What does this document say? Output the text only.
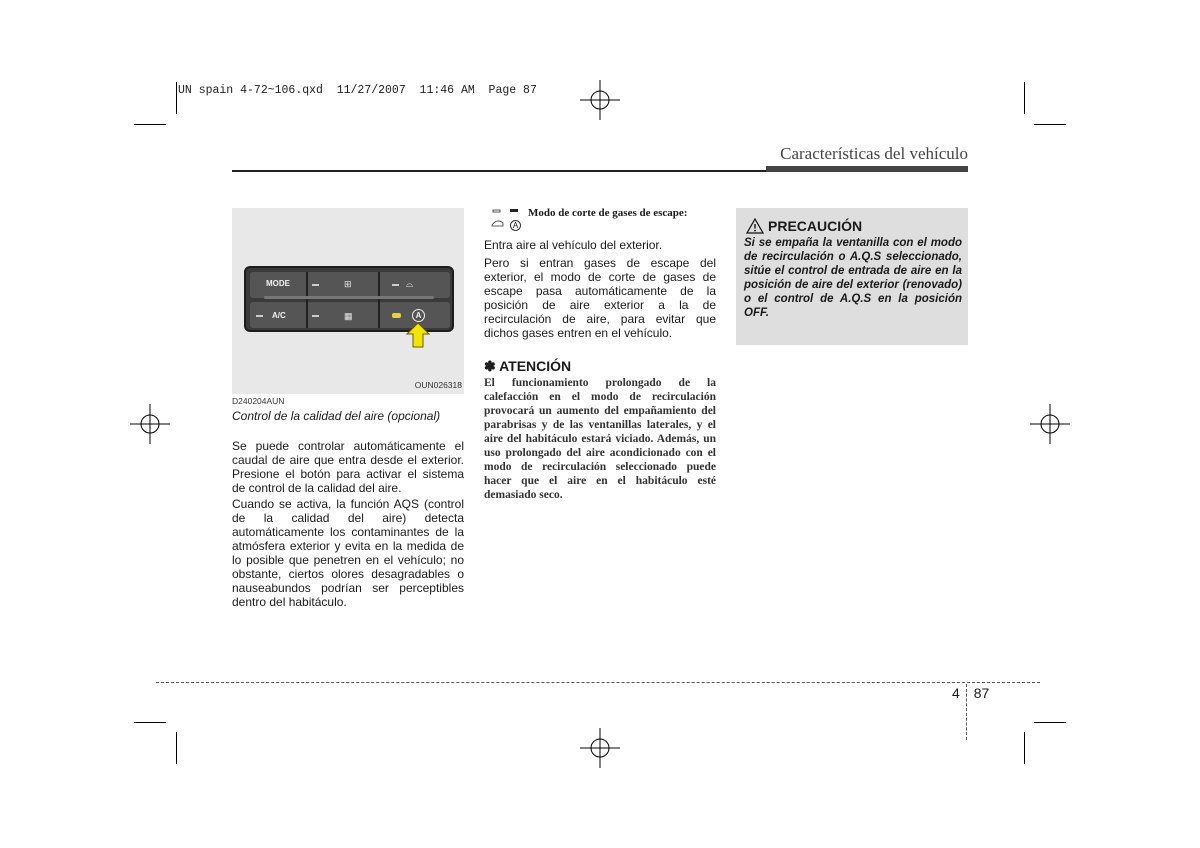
UN spain 4-72~106.qxd  11/27/2007  11:46 AM  Page 87
Características del vehículo
MODE
A/C
⊞
▦
⌓
A
OUN026318
D240204AUN
Control de la calidad del aire (opcional)

Se puede controlar automáticamente el caudal de aire que entra desde el exterior. Presione el botón para activar el sistema de control de la calidad del aire.

Cuando se activa, la función AQS (control de la calidad del aire) detecta automáticamente los contaminantes de la atmósfera exterior y evita en la medida de lo posible que penetren en el vehículo; no obstante, ciertos olores desagradables o nauseabundos podrían ser perceptibles dentro del habitáculo.

A
Modo de corte de gases de escape:

Entra aire al vehículo del exterior.

Pero si entran gases de escape del exterior, el modo de corte de gases de escape pasa automáticamente de la posición de aire exterior a la de recirculación de aire, para evitar que dichos gases entren en el vehículo.

✽ ATENCIÓN
El funcionamiento prolongado de la calefacción en el modo de recirculación provocará un aumento del empañamiento del parabrisas y de las ventanillas laterales, y el aire del habitáculo estará viciado. Además, un uso prolongado del aire acondicionado con el modo de recirculación seleccionado puede hacer que el aire en el habitáculo esté demasiado seco.
PRECAUCIÓN
Si se empaña la ventanilla con el modo de recirculación o A.Q.S seleccionado, sitúe el control de entrada de aire en la posición de aire del exterior (renovado) o el control de A.Q.S en la posición OFF.
4 87
